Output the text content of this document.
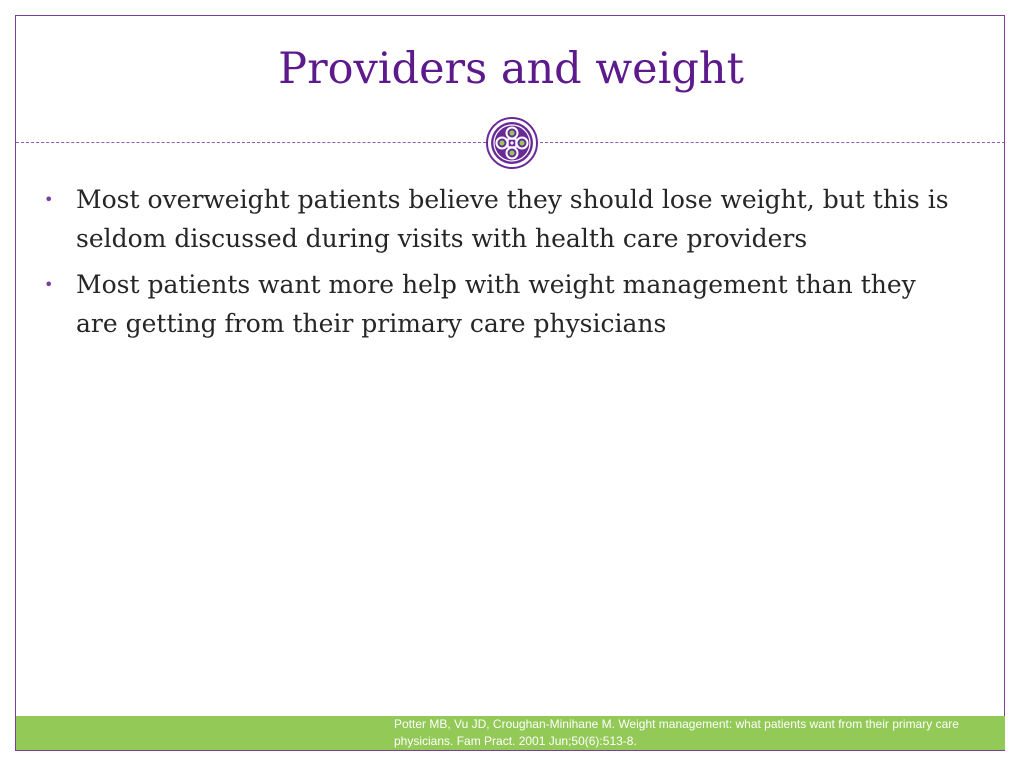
Providers and weight
• Most overweight patients believe they should lose weight, but this is seldom discussed during visits with health care providers
• Most patients want more help with weight management than they are getting from their primary care physicians
Potter MB, Vu JD, Croughan-Minihane M. Weight management: what patients want from their primary care physicians. Fam Pract. 2001 Jun;50(6):513-8.
